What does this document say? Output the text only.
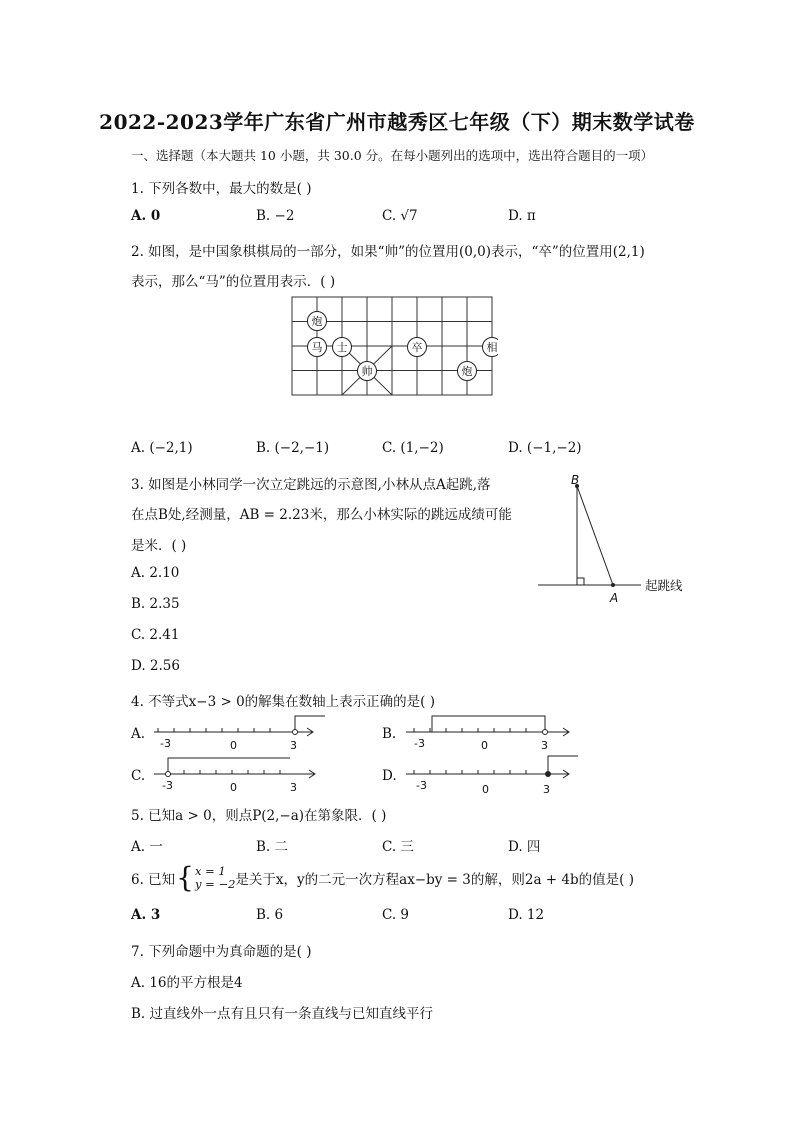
2022-2023学年广东省广州市越秀区七年级（下）期末数学试卷
一、选择题（本大题共 10 小题，共 30.0 分。在每小题列出的选项中，选出符合题目的一项）
1. 下列各数中，最大的数是( )
A. 0	B. −2	C. √7	D. π
2. 如图，是中国象棋棋局的一部分，如果“帅”的位置用(0,0)表示，“卒”的位置用(2,1)
表示，那么“马”的位置用表示．( )
炮
马 士
帅
卒
炮
相
A. (−2,1)	B. (−2,−1)	C. (1,−2)	D. (−1,−2)
3. 如图是小林同学一次立定跳远的示意图,小林从点A起跳,落
在点B处,经测量，AB = 2.23米，那么小林实际的跳远成绩可能
是米．( )
B
A
起跳线
A. 2.10
B. 2.35
C. 2.41
D. 2.56
4. 不等式x−3 > 0的解集在数轴上表示正确的是( )
A.
-3	0	3
B.
-3	0	3
C.
-3	0	3
D.
-3	0	3
5. 已知a > 0，则点P(2,−a)在第象限．( )
A. 一	B. 二	C. 三	D. 四
6. 已知 { x = 1
y = −2 是关于x，y的二元一次方程ax−by = 3的解，则2a + 4b的值是( )
A. 3	B. 6	C. 9	D. 12
7. 下列命题中为真命题的是( )
A. 16的平方根是4
B. 过直线外一点有且只有一条直线与已知直线平行
